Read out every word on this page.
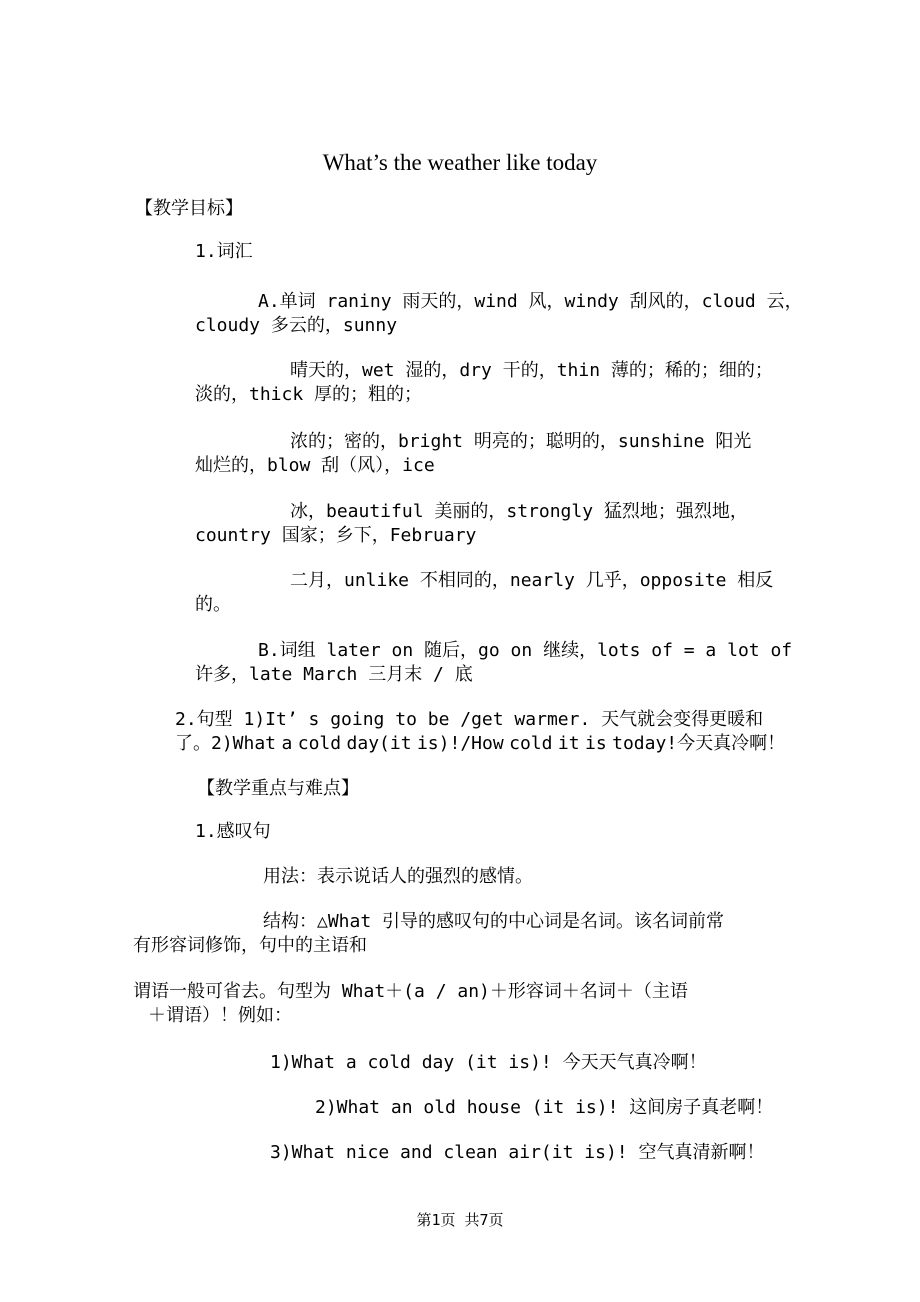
What’s the weather like today
【教学目标】
1.词汇
A.单词 raniny 雨天的，wind 风，windy 刮风的，cloud 云，
cloudy 多云的，sunny
晴天的，wet 湿的，dry 干的，thin 薄的；稀的；细的；
淡的，thick 厚的；粗的；
浓的；密的，bright 明亮的；聪明的，sunshine 阳光
灿烂的，blow 刮（风），ice
冰，beautiful 美丽的，strongly 猛烈地；强烈地，
country 国家；乡下，February
二月，unlike 不相同的，nearly 几乎，opposite 相反
的。
B.词组 later on 随后，go on 继续，lots of = a lot of
许多，late March 三月末 / 底
2.句型 1)It’ s going to be /get warmer. 天气就会变得更暖和
了。2)What a cold day(it is)!/How cold it is today!今天真冷啊！
【教学重点与难点】
1.感叹句
用法：表示说话人的强烈的感情。
结构：△What 引导的感叹句的中心词是名词。该名词前常
有形容词修饰，句中的主语和
谓语一般可省去。句型为 What＋(a / an)＋形容词＋名词＋（主语
＋谓语）！例如：
1)What a cold day (it is)! 今天天气真冷啊！
2)What an old house (it is)! 这间房子真老啊！
3)What nice and clean air(it is)! 空气真清新啊！
第1页 共7页
